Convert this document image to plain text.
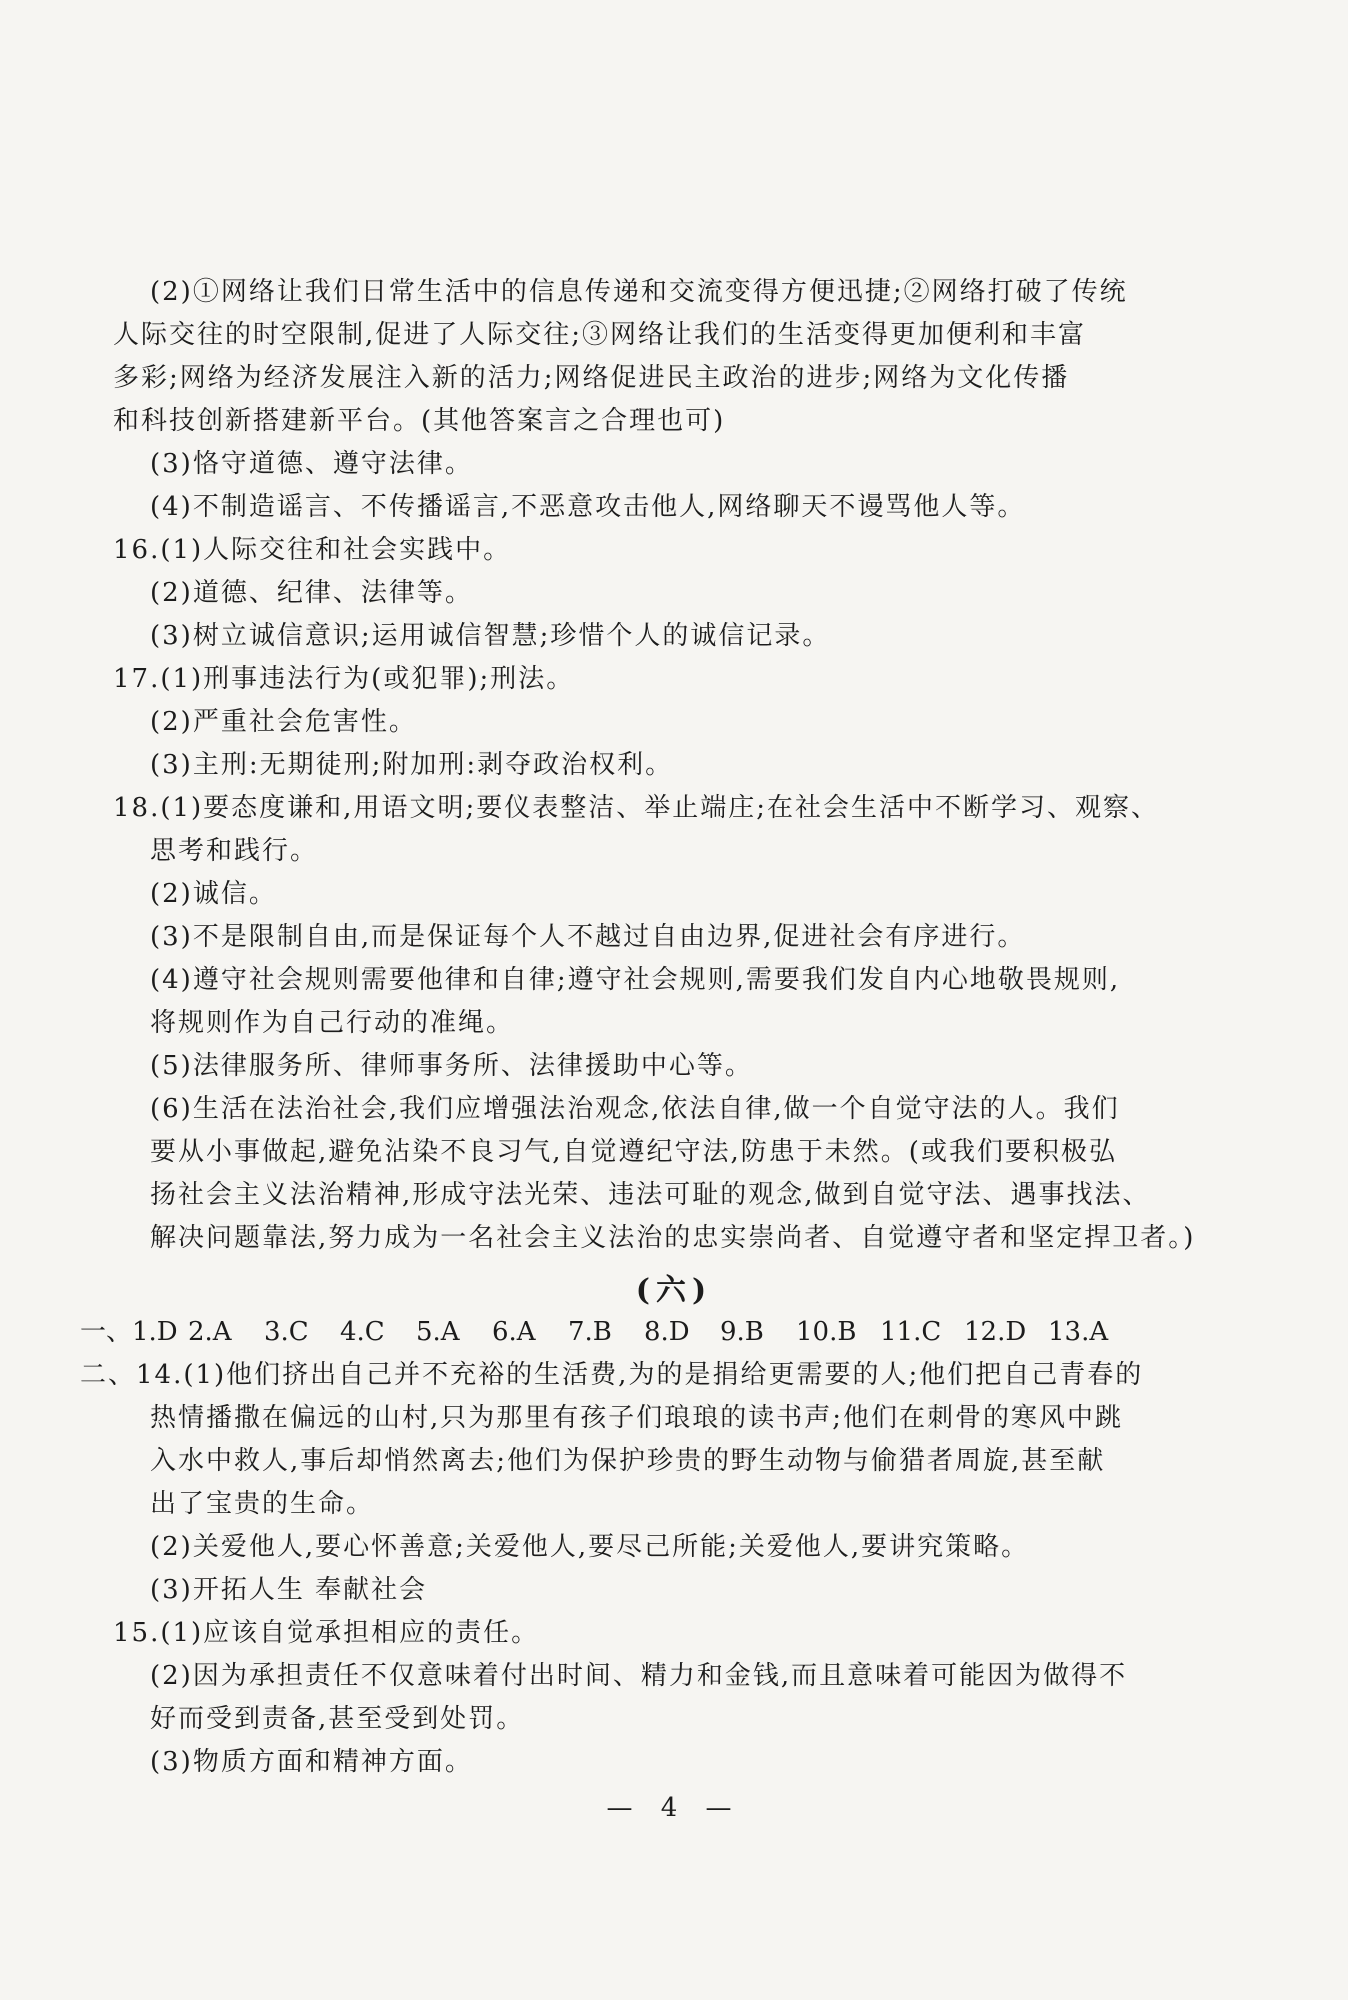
(2)①网络让我们日常生活中的信息传递和交流变得方便迅捷;②网络打破了传统
人际交往的时空限制,促进了人际交往;③网络让我们的生活变得更加便利和丰富
多彩;网络为经济发展注入新的活力;网络促进民主政治的进步;网络为文化传播
和科技创新搭建新平台。(其他答案言之合理也可)
(3)恪守道德、遵守法律。
(4)不制造谣言、不传播谣言,不恶意攻击他人,网络聊天不谩骂他人等。
16.(1)人际交往和社会实践中。
(2)道德、纪律、法律等。
(3)树立诚信意识;运用诚信智慧;珍惜个人的诚信记录。
17.(1)刑事违法行为(或犯罪);刑法。
(2)严重社会危害性。
(3)主刑:无期徒刑;附加刑:剥夺政治权利。
18.(1)要态度谦和,用语文明;要仪表整洁、举止端庄;在社会生活中不断学习、观察、
思考和践行。
(2)诚信。
(3)不是限制自由,而是保证每个人不越过自由边界,促进社会有序进行。
(4)遵守社会规则需要他律和自律;遵守社会规则,需要我们发自内心地敬畏规则,
将规则作为自己行动的准绳。
(5)法律服务所、律师事务所、法律援助中心等。
(6)生活在法治社会,我们应增强法治观念,依法自律,做一个自觉守法的人。我们
要从小事做起,避免沾染不良习气,自觉遵纪守法,防患于未然。(或我们要积极弘
扬社会主义法治精神,形成守法光荣、违法可耻的观念,做到自觉守法、遇事找法、
解决问题靠法,努力成为一名社会主义法治的忠实崇尚者、自觉遵守者和坚定捍卫者。)
(六)
一、1.D 2.A	3.C	4.C	5.A	6.A	7.B	8.D	9.B	10.B 11.C 12.D 13.A
二、14.(1)他们挤出自己并不充裕的生活费,为的是捐给更需要的人;他们把自己青春的
热情播撒在偏远的山村,只为那里有孩子们琅琅的读书声;他们在刺骨的寒风中跳
入水中救人,事后却悄然离去;他们为保护珍贵的野生动物与偷猎者周旋,甚至献
出了宝贵的生命。
(2)关爱他人,要心怀善意;关爱他人,要尽己所能;关爱他人,要讲究策略。
(3)开拓人生 奉献社会
15.(1)应该自觉承担相应的责任。
(2)因为承担责任不仅意味着付出时间、精力和金钱,而且意味着可能因为做得不
好而受到责备,甚至受到处罚。
(3)物质方面和精神方面。
— 4 —
